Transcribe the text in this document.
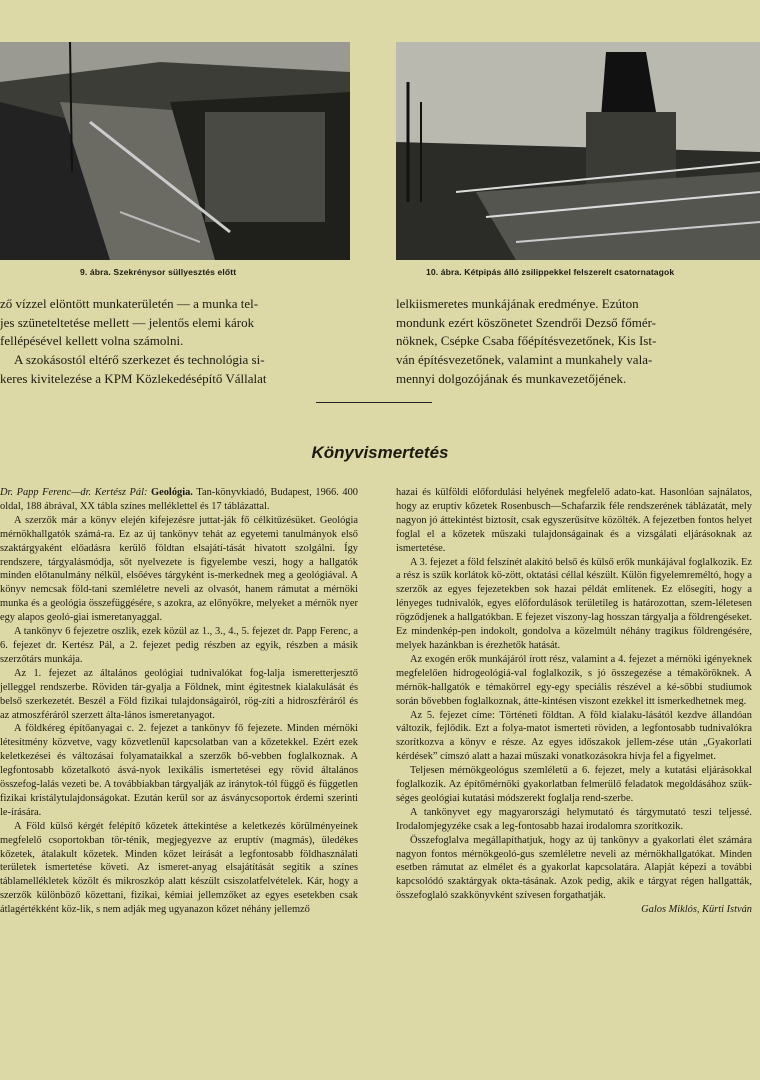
9. ábra. Szekrénysor süllyesztés előtt	10. ábra. Kétpipás álló zsilippekkel felszerelt csatornatagok

ző vízzel elöntött munkaterületén — a munka tel-

jes szüneteltetése mellett — jelentős elemi károk

fellépésével kellett volna számolni.

A szokásostól eltérő szerkezet és technológia si-

keres kivitelezése a KPM Közlekedésépítő Vállalat

lelkiismeretes munkájának eredménye. Ezúton

mondunk ezért köszönetet Szendrői Dezső főmér-

nöknek, Csépke Csaba főépítésvezetőnek, Kis Ist-

ván építésvezetőnek, valamint a munkahely vala-

mennyi dolgozójának és munkavezetőjének.

Könyvismertetés

Dr. Papp Ferenc—dr. Kertész Pál: Geológia. Tan-könyvkiadó, Budapest, 1966. 400 oldal, 188 ábrával, XX tábla színes melléklettel és 17 táblázattal.

A szerzők már a könyv elején kifejezésre juttat-ják fő célkitűzésüket. Geológia mérnökhallgatók számá-ra. Ez az új tankönyv tehát az egyetemi tanulmányok első szaktárgyaként előadásra kerülő földtan elsajátí-tását hivatott szolgálni. Így rendszere, tárgyalásmódja, sőt nyelvezete is figyelembe veszi, hogy a hallgatók minden előtanulmány nélkül, elsőéves tárgyként is-merkednek meg a geológiával. A könyv nemcsak föld-tani szemléletre neveli az olvasót, hanem rámutat a mérnöki munka és a geológia összefüggésére, s azokra, az előnyökre, melyeket a mérnök nyer egy alapos geoló-giai ismeretanyaggal.

A tankönyv 6 fejezetre oszlik, ezek közül az 1., 3., 4., 5. fejezet dr. Papp Ferenc, a 6. fejezet dr. Kertész Pál, a 2. fejezet pedig részben az egyik, részben a másik szerzőtárs munkája.

Az 1. fejezet az általános geológiai tudnivalókat fog-lalja ismeretterjesztő jelleggel rendszerbe. Röviden tár-gyalja a Földnek, mint égitestnek kialakulását és belső szerkezetét. Beszél a Föld fizikai tulajdonságairól, rög-zíti a hidroszféráról és az atmoszféráról szerzett álta-lános ismeretanyagot.

A földkéreg építőanyagai c. 2. fejezet a tankönyv fő fejezete. Minden mérnöki létesítmény közvetve, vagy közvetlenül kapcsolatban van a kőzetekkel. Ezért ezek keletkezései és változásai folyamataikkal a szerzők bő-vebben foglalkoznak. A legfontosabb kőzetalkotó ásvá-nyok lexikális ismertetései egy rövid általános összefog-lalás vezeti be. A továbbiakban tárgyalják az iránytok-tól függő és független fizikai kristálytulajdonságokat. Ezután kerül sor az ásványcsoportok érdemi szerinti le-írására.

A Föld külső kérgét felépítő kőzetek áttekintése a keletkezés körülményeinek megfelelő csoportokban tör-ténik, megjegyezve az eruptív (magmás), üledékes kőzetek, átalakult kőzetek. Minden kőzet leírását a legfontosabb földhasználati területek ismertetése követi. Az ismeret-anyag elsajátítását segítik a színes táblamellékletek közölt és mikroszkóp alatt készült csiszolatfelvételek. Kár, hogy a szerzők különböző közettani, fizikai, kémiai jellemzőket az egyes esetekben csak átlagértékként köz-lik, s nem adják meg ugyanazon kőzet néhány jellemző

hazai és külföldi előfordulási helyének megfelelő adato-kat. Hasonlóan sajnálatos, hogy az eruptív kőzetek Rosenbusch—Schafarzik féle rendszerének táblázatát, mely nagyon jó áttekintést biztosít, csak egyszerűsítve közölték. A fejezetben fontos helyet foglal el a kőzetek műszaki tulajdonságainak és a vizsgálati eljárásoknak az ismertetése.

A 3. fejezet a föld felszínét alakító belső és külső erők munkájával foglalkozik. Ez a rész is szűk korlátok kö-zött, oktatási céllal készült. Külön figyelemreméltó, hogy a szerzők az egyes fejezetekben sok hazai példát említenek. Ez elősegíti, hogy a lényeges tudnivalók, egyes előfordulások területileg is határozottan, szem-léletesen rögződjenek a hallgatókban. E fejezet viszony-lag hosszan tárgyalja a földrengéseket. Ez mindenkép-pen indokolt, gondolva a közelmúlt néhány tragikus földrengésére, melyek hazánkban is érezhetők hatását.

Az exogén erők munkájáról írott rész, valamint a 4. fejezet a mérnöki igényeknek megfelelően hidrogeológiá-val foglalkozik, s jó összegezése a témaköröknek. A mérnök-hallgatók e témakörrel egy-egy speciális részével a ké-sőbbi studiumok során bővebben foglalkoznak, átte-kintésen viszont ezekkel itt ismerkedhetnek meg.

Az 5. fejezet címe: Történeti földtan. A föld kialaku-lásától kezdve állandóan változik, fejlődik. Ezt a folya-matot ismerteti röviden, a legfontosabb tudnivalókra szorítkozva a könyv e része. Az egyes időszakok jellem-zése után „Gyakorlati kérdések” címszó alatt a hazai műszaki vonatkozásokra hívja fel a figyelmet.

Teljesen mérnökgeológus szemléletű a 6. fejezet, mely a kutatási eljárásokkal foglalkozik. Az építőmérnöki gyakorlatban felmerülő feladatok megoldásához szük-séges geológiai kutatási módszerekt foglalja rend-szerbe.

A tankönyvet egy magyarországi helymutató és tárgymutató teszi teljessé. Irodalomjegyzéke csak a leg-fontosabb hazai irodalomra szorítkozik.

Összefoglalva megállapíthatjuk, hogy az új tankönyv a gyakorlati élet számára nagyon fontos mérnökgeoló-gus szemléletre neveli az mérnökhallgatókat. Minden esetben rámutat az elmélet és a gyakorlat kapcsolatára. Alapját képezi a további kapcsolódó szaktárgyak okta-tásának. Azok pedig, akik e tárgyat régen hallgatták, összefoglaló szakkönyvként szívesen forgathatják.

Galos Miklós, Kürti István
